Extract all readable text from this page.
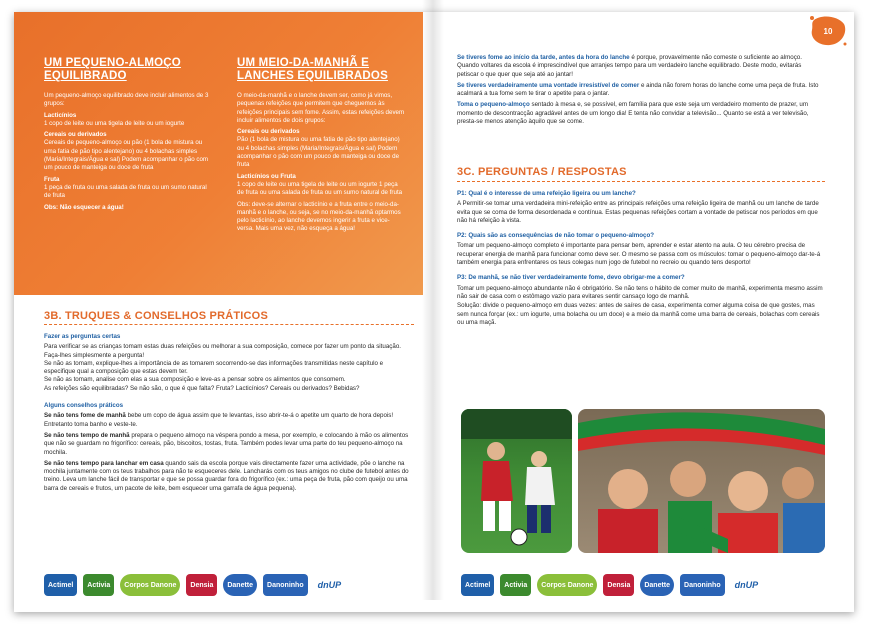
UM PEQUENO-ALMOÇO EQUILIBRADO

Um pequeno-almoço equilibrado deve incluir alimentos de 3 grupos:

Lacticínios

1 copo de leite ou uma tigela de leite ou um iogurte

Cereais ou derivados

Cereais de pequeno-almoço ou pão (1 bola de mistura ou uma fatia de pão tipo alentejano) ou 4 bolachas simples (Maria/Integrais/Água e sal) Podem acompanhar o pão com um pouco de manteiga ou doce de fruta

Fruta

1 peça de fruta ou uma salada de fruta ou um sumo natural de fruta

Obs: Não esquecer a água!

UM MEIO-DA-MANHÃ E LANCHES EQUILIBRADOS

O meio-da-manhã e o lanche devem ser, como já vimos, pequenas refeições que permitem que cheguemos às refeições principais sem fome. Assim, estas refeições devem incluir alimentos de dois grupos:

Cereais ou derivados

Pão (1 bola de mistura ou uma fatia de pão tipo alentejano) ou 4 bolachas simples (Maria/Integrais/Água e sal) Podem acompanhar o pão com um pouco de manteiga ou doce de fruta

Lacticínios ou Fruta

1 copo de leite ou uma tigela de leite ou um iogurte 1 peça de fruta ou uma salada de fruta ou um sumo natural de fruta

Obs: deve-se alternar o lacticínio e a fruta entre o meio-da-manhã e o lanche, ou seja, se no meio-da-manhã optarmos pelo lacticínio, ao lanche devemos ingerir a fruta e vice-versa. Mais uma vez, não esqueça a água!

3B. TRUQUES & CONSELHOS PRÁTICOS
Fazer as perguntas certas

Para verificar se as crianças tomam estas duas refeições ou melhorar a sua composição, comece por fazer um ponto da situação. Faça-lhes simplesmente a pergunta!

Se não as tomam, explique-lhes a importância de as tomarem socorrendo-se das informações transmitidas neste capítulo e especifique qual a composição que estas devem ter.

Se não as tomam, analise com elas a sua composição e leve-as a pensar sobre os alimentos que consomem.

As refeições são equilibradas? Se não são, o que é que falta? Fruta? Lacticínios? Cereais ou derivados? Bebidas?

Alguns conselhos práticos

Se não tens fome de manhã bebe um copo de água assim que te levantas, isso abrir-te-á o apetite um quarto de hora depois! Entretanto toma banho e veste-te.

Se não tens tempo de manhã prepara o pequeno almoço na véspera pondo a mesa, por exemplo, e colocando à mão os alimentos que não se guardam no frigorífico: cereais, pão, biscoitos, tostas, fruta. Também podes levar uma parte do teu pequeno-almoço na mochila.

Se não tens tempo para lanchar em casa quando sais da escola porque vais directamente fazer uma actividade, põe o lanche na mochila juntamente com os teus trabalhos para não te esqueceres dele. Lancharás com os teus amigos no clube de futebol antes do treino. Leva um lanche fácil de transportar e que se possa guardar fora do frigorífico (ex.: uma peça de fruta, pão com queijo ou uma barra de cereais e frutos, um pacote de leite, bem esquecer uma garrafa de água pequena).

10

Se tiveres fome ao início da tarde, antes da hora do lanche é porque, provavelmente não comeste o suficiente ao almoço. Quando voltares da escola é imprescindível que arranjes tempo para um verdadeiro lanche equilibrado. Deste modo, evitarás petiscar o que quer que seja até ao jantar!

Se tiveres verdadeiramente uma vontade irresistível de comer e ainda não forem horas do lanche come uma peça de fruta. Isto acalmará a tua fome sem te tirar o apetite para o jantar.

Toma o pequeno-almoço sentado à mesa e, se possível, em família para que este seja um verdadeiro momento de prazer, um momento de descontracção agradável antes de um longo dia! E tenta não convidar a televisão... Quanto se está a ver televisão, presta-se menos atenção àquilo que se come.

3C. PERGUNTAS / RESPOSTAS
P1: Qual é o interesse de uma refeição ligeira ou um lanche?

A Permitir-se tomar uma verdadeira mini-refeição entre as principais refeições uma refeição ligeira de manhã ou um lanche de tarde evita que se coma de forma desordenada e contínua. Estas pequenas refeições cortam a vontade de petiscar nos períodos em que não há refeição à vista.

P2: Quais são as consequências de não tomar o pequeno-almoço?

Tomar um pequeno-almoço completo é importante para pensar bem, aprender e estar atento na aula. O teu cérebro precisa de recuperar energia de manhã para funcionar como deve ser. O mesmo se passa com os músculos: tomar o pequeno-almoço dar-te-á também energia para enfrentares os teus colegas num jogo de futebol no recreio ou quando tens desporto!

P3: De manhã, se não tiver verdadeiramente fome, devo obrigar-me a comer?

Tomar um pequeno-almoço abundante não é obrigatório. Se não tens o hábito de comer muito de manhã, experimenta mesmo assim não sair de casa com o estômago vazio para evitares sentir cansaço logo de manhã.

Solução: divide o pequeno-almoço em duas vezes: antes de saíres de casa, experimenta comer alguma coisa de que gostes, mas sem nunca forçar (ex.: um iogurte, uma bolacha ou um doce) e a meio da manhã come uma barra de cereais, bolachas com cereais ou uma maçã.

Actimel	Activia	Corpos Danone	Densia	Danette	Danoninho	dnUP	Actimel	Activia	Corpos Danone	Densia	Danette	Danoninho	dnUP
